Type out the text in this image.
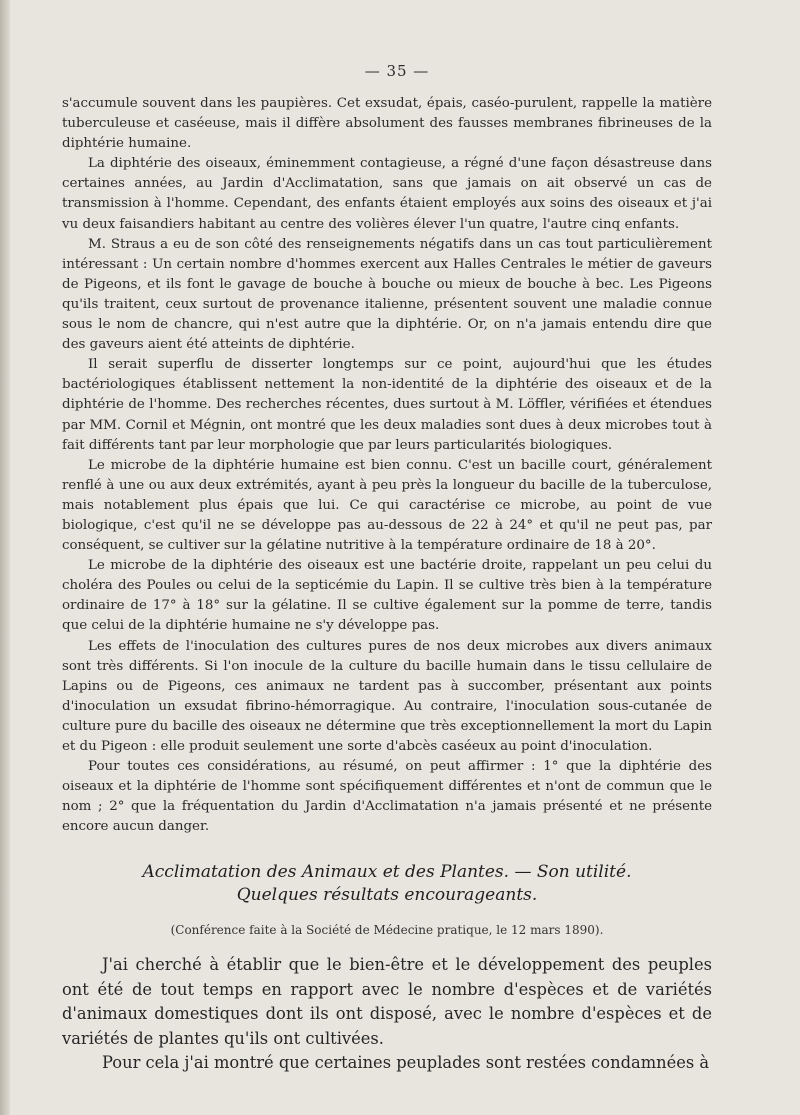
— 35 —

s'accumule souvent dans les paupières. Cet exsudat, épais, caséo-purulent, rappelle la matière tuberculeuse et caséeuse, mais il diffère absolument des fausses membranes fibrineuses de la diphtérie humaine.

La diphtérie des oiseaux, éminemment contagieuse, a régné d'une façon désastreuse dans certaines années, au Jardin d'Acclimatation, sans que jamais on ait observé un cas de transmission à l'homme. Cependant, des enfants étaient employés aux soins des oiseaux et j'ai vu deux faisandiers habitant au centre des volières élever l'un quatre, l'autre cinq enfants.

M. Straus a eu de son côté des renseignements négatifs dans un cas tout particulièrement intéressant : Un certain nombre d'hommes exercent aux Halles Centrales le métier de gaveurs de Pigeons, et ils font le gavage de bouche à bouche ou mieux de bouche à bec. Les Pigeons qu'ils traitent, ceux surtout de provenance italienne, présentent souvent une maladie connue sous le nom de chancre, qui n'est autre que la diphtérie. Or, on n'a jamais entendu dire que des gaveurs aient été atteints de diphtérie.

Il serait superflu de disserter longtemps sur ce point, aujourd'hui que les études bactériologiques établissent nettement la non-identité de la diphtérie des oiseaux et de la diphtérie de l'homme. Des recherches récentes, dues surtout à M. Löffler, vérifiées et étendues par MM. Cornil et Mégnin, ont montré que les deux maladies sont dues à deux microbes tout à fait différents tant par leur morphologie que par leurs particularités biologiques.

Le microbe de la diphtérie humaine est bien connu. C'est un bacille court, généralement renflé à une ou aux deux extrémités, ayant à peu près la longueur du bacille de la tuberculose, mais notablement plus épais que lui. Ce qui caractérise ce microbe, au point de vue biologique, c'est qu'il ne se développe pas au-dessous de 22 à 24° et qu'il ne peut pas, par conséquent, se cultiver sur la gélatine nutritive à la température ordinaire de 18 à 20°.

Le microbe de la diphtérie des oiseaux est une bactérie droite, rappelant un peu celui du choléra des Poules ou celui de la septicémie du Lapin. Il se cultive très bien à la température ordinaire de 17° à 18° sur la gélatine. Il se cultive également sur la pomme de terre, tandis que celui de la diphtérie humaine ne s'y développe pas.

Les effets de l'inoculation des cultures pures de nos deux microbes aux divers animaux sont très différents. Si l'on inocule de la culture du bacille humain dans le tissu cellulaire de Lapins ou de Pigeons, ces animaux ne tardent pas à succomber, présentant aux points d'inoculation un exsudat fibrino-hémorragique. Au contraire, l'inoculation sous-cutanée de culture pure du bacille des oiseaux ne détermine que très exceptionnellement la mort du Lapin et du Pigeon : elle produit seulement une sorte d'abcès caséeux au point d'inoculation.

Pour toutes ces considérations, au résumé, on peut affirmer : 1° que la diphtérie des oiseaux et la diphtérie de l'homme sont spécifiquement différentes et n'ont de commun que le nom ; 2° que la fréquentation du Jardin d'Acclimatation n'a jamais présenté et ne présente encore aucun danger.

Acclimatation des Animaux et des Plantes. — Son utilité.
Quelques résultats encourageants.
(Conférence faite à la Société de Médecine pratique, le 12 mars 1890).

J'ai cherché à établir que le bien-être et le développement des peuples ont été de tout temps en rapport avec le nombre d'espèces et de variétés d'animaux domestiques dont ils ont disposé, avec le nombre d'espèces et de variétés de plantes qu'ils ont cultivées.

Pour cela j'ai montré que certaines peuplades sont restées condamnées à
